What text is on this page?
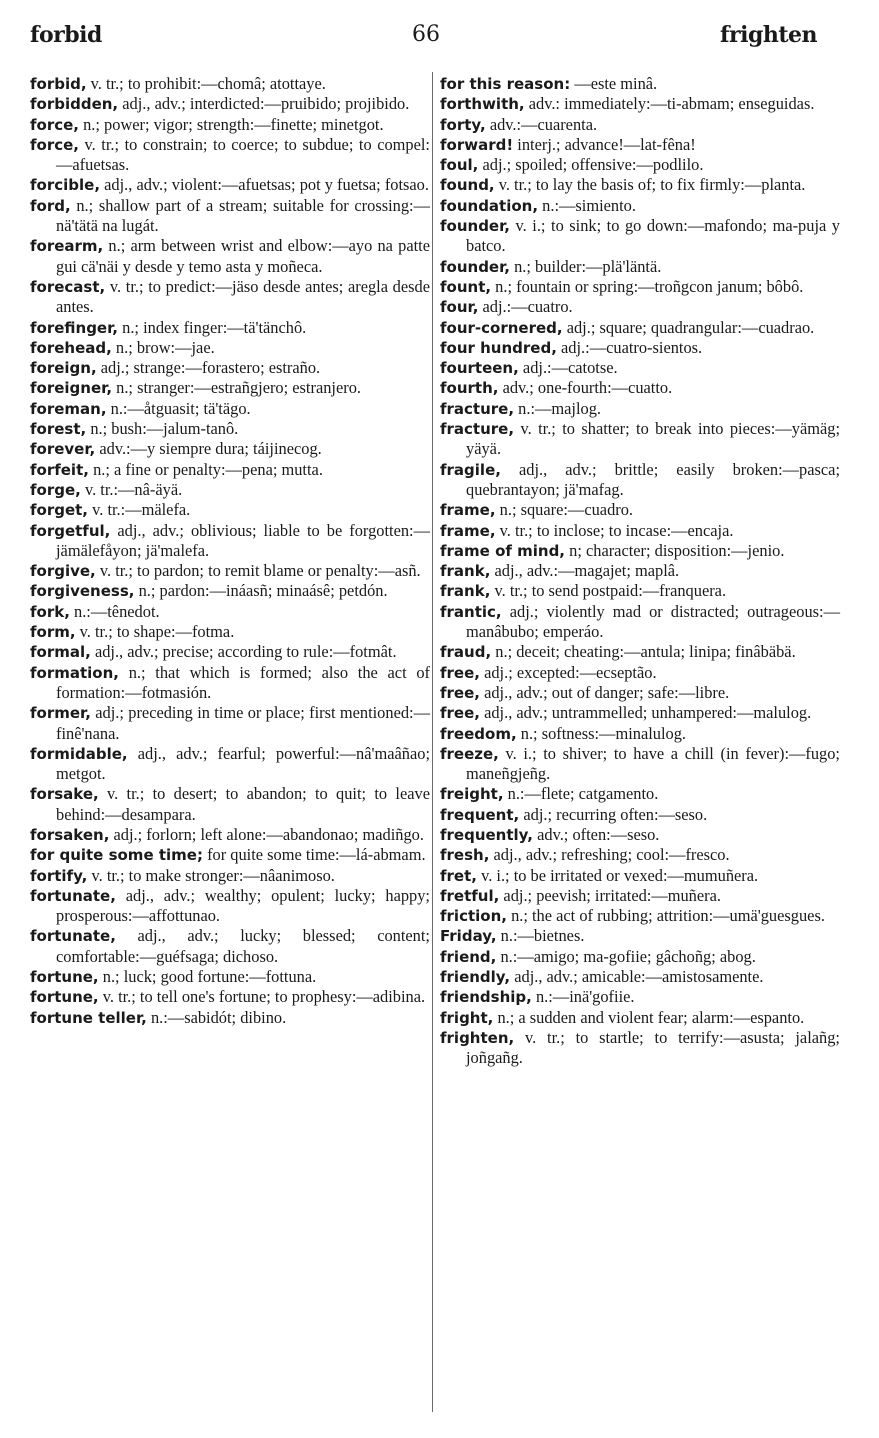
forbid	66	frighten

forbid, v. tr.; to prohibit:—chomâ; atottaye.

forbidden, adj., adv.; interdicted:—pruibido; projibido.

force, n.; power; vigor; strength:—finette; minetgot.

force, v. tr.; to constrain; to coerce; to subdue; to compel:—afuetsas.

forcible, adj., adv.; violent:—afuetsas; pot y fuetsa; fotsao.

ford, n.; shallow part of a stream; suitable for crossing:—nä'tätä na lugát.

forearm, n.; arm between wrist and elbow:—ayo na patte gui cä'näi y desde y temo asta y moñeca.

forecast, v. tr.; to predict:—jäso desde antes; aregla desde antes.

forefinger, n.; index finger:—tä'tänchô.

forehead, n.; brow:—jae.

foreign, adj.; strange:—forastero; estraño.

foreigner, n.; stranger:—estrañgjero; estranjero.

foreman, n.:—åtguasit; tä'tägo.

forest, n.; bush:—jalum-tanô.

forever, adv.:—y siempre dura; táijinecog.

forfeit, n.; a fine or penalty:—pena; mutta.

forge, v. tr.:—nâ-äyä.

forget, v. tr.:—mälefa.

forgetful, adj., adv.; oblivious; liable to be forgotten:—jämälefåyon; jä'malefa.

forgive, v. tr.; to pardon; to remit blame or penalty:—asñ.

forgiveness, n.; pardon:—ináasñ; minaásê; petdón.

fork, n.:—tênedot.

form, v. tr.; to shape:—fotma.

formal, adj., adv.; precise; according to rule:—fotmât.

formation, n.; that which is formed; also the act of formation:—fotmasión.

former, adj.; preceding in time or place; first mentioned:—finê'nana.

formidable, adj., adv.; fearful; powerful:—nâ'maâñao; metgot.

forsake, v. tr.; to desert; to abandon; to quit; to leave behind:—desampara.

forsaken, adj.; forlorn; left alone:—abandonao; madiñgo.

for quite some time; for quite some time:—lá-abmam.

fortify, v. tr.; to make stronger:—nâanimoso.

fortunate, adj., adv.; wealthy; opulent; lucky; happy; prosperous:—affottunao.

fortunate, adj., adv.; lucky; blessed; content; comfortable:—guéfsaga; dichoso.

fortune, n.; luck; good fortune:—fottuna.

fortune, v. tr.; to tell one's fortune; to prophesy:—adibina.

fortune teller, n.:—sabidót; dibino.

for this reason: —este minâ.

forthwith, adv.: immediately:—ti-abmam; enseguidas.

forty, adv.:—cuarenta.

forward! interj.; advance!—lat-fêna!

foul, adj.; spoiled; offensive:—podlilo.

found, v. tr.; to lay the basis of; to fix firmly:—planta.

foundation, n.:—simiento.

founder, v. i.; to sink; to go down:—mafondo; ma-puja y batco.

founder, n.; builder:—plä'läntä.

fount, n.; fountain or spring:—troñgcon janum; bôbô.

four, adj.:—cuatro.

four-cornered, adj.; square; quadrangular:—cuadrao.

four hundred, adj.:—cuatro-sientos.

fourteen, adj.:—catotse.

fourth, adv.; one-fourth:—cuatto.

fracture, n.:—majlog.

fracture, v. tr.; to shatter; to break into pieces:—yämäg; yäyä.

fragile, adj., adv.; brittle; easily broken:—pasca; quebrantayon; jä'mafag.

frame, n.; square:—cuadro.

frame, v. tr.; to inclose; to incase:—encaja.

frame of mind, n; character; disposition:—jenio.

frank, adj., adv.:—magajet; maplâ.

frank, v. tr.; to send postpaid:—franquera.

frantic, adj.; violently mad or distracted; outrageous:—manâbubo; emperáo.

fraud, n.; deceit; cheating:—antula; linipa; finâbäbä.

free, adj.; excepted:—ecseptão.

free, adj., adv.; out of danger; safe:—libre.

free, adj., adv.; untrammelled; unhampered:—malulog.

freedom, n.; softness:—minalulog.

freeze, v. i.; to shiver; to have a chill (in fever):—fugo; maneñgjeñg.

freight, n.:—flete; catgamento.

frequent, adj.; recurring often:—seso.

frequently, adv.; often:—seso.

fresh, adj., adv.; refreshing; cool:—fresco.

fret, v. i.; to be irritated or vexed:—mumuñera.

fretful, adj.; peevish; irritated:—muñera.

friction, n.; the act of rubbing; attrition:—umä'guesgues.

Friday, n.:—bietnes.

friend, n.:—amigo; ma-gofiie; gâchoñg; abog.

friendly, adj., adv.; amicable:—amistosamente.

friendship, n.:—inä'gofiie.

fright, n.; a sudden and violent fear; alarm:—espanto.

frighten, v. tr.; to startle; to terrify:—asusta; jalañg; joñgañg.
